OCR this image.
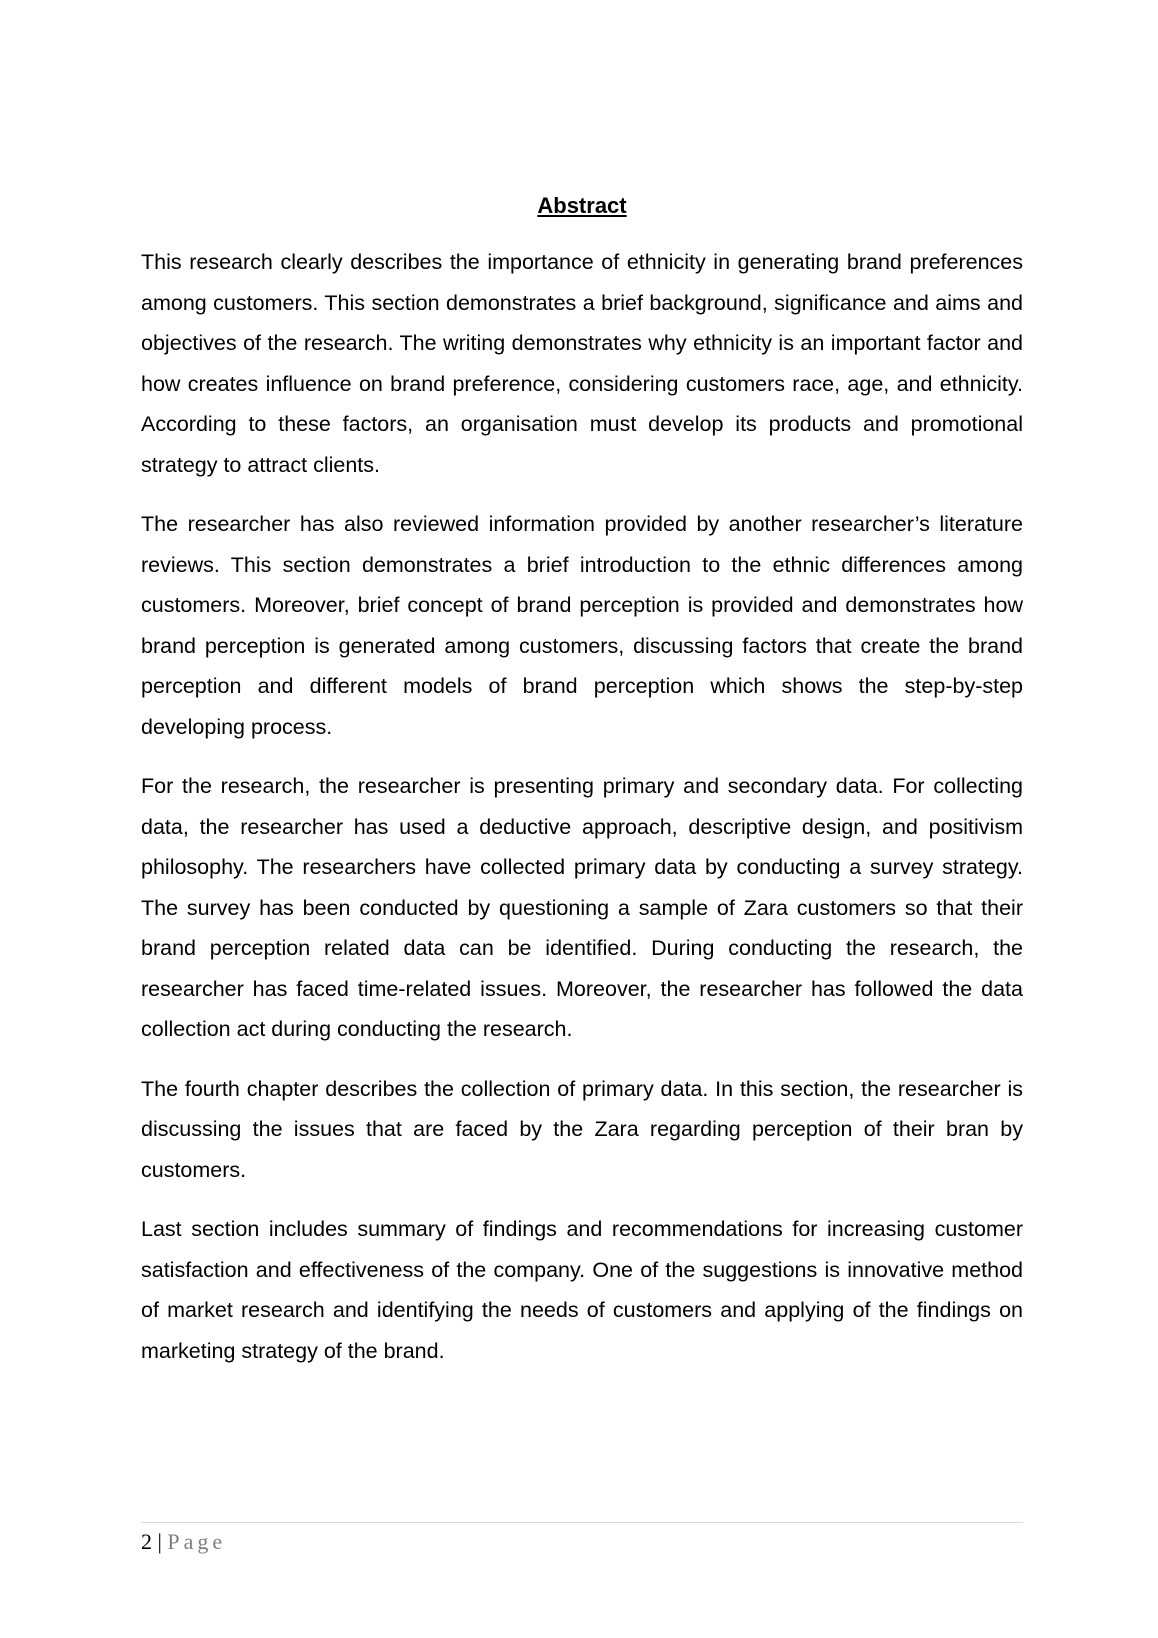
Abstract

This research clearly describes the importance of ethnicity in generating brand preferences among customers. This section demonstrates a brief background, significance and aims and objectives of the research. The writing demonstrates why ethnicity is an important factor and how creates influence on brand preference, considering customers race, age, and ethnicity. According to these factors, an organisation must develop its products and promotional strategy to attract clients.

The researcher has also reviewed information provided by another researcher’s literature reviews. This section demonstrates a brief introduction to the ethnic differences among customers. Moreover, brief concept of brand perception is provided and demonstrates how brand perception is generated among customers, discussing factors that create the brand perception and different models of brand perception which shows the step-by-step developing process.

For the research, the researcher is presenting primary and secondary data. For collecting data, the researcher has used a deductive approach, descriptive design, and positivism philosophy. The researchers have collected primary data by conducting a survey strategy. The survey has been conducted by questioning a sample of Zara customers so that their brand perception related data can be identified. During conducting the research, the researcher has faced time-related issues. Moreover, the researcher has followed the data collection act during conducting the research.

The fourth chapter describes the collection of primary data. In this section, the researcher is discussing the issues that are faced by the Zara regarding perception of their bran by customers.

Last section includes summary of findings and recommendations for increasing customer satisfaction and effectiveness of the company. One of the suggestions is innovative method of market research and identifying the needs of customers and applying of the findings on marketing strategy of the brand.

2 | Page
